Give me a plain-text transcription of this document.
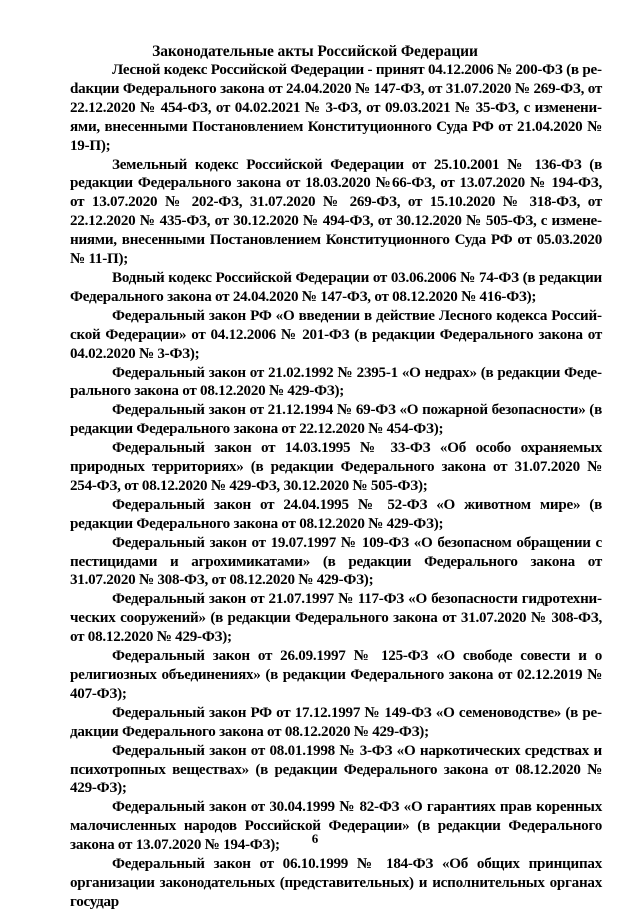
Законодательные акты Российской Федерации

Лесной кодекс Российской Федерации - принят 04.12.2006 № 200-ФЗ (в реdакции Федерального закона от 24.04.2020 № 147-ФЗ, от 31.07.2020 № 269-ФЗ, от 22.12.2020 № 454-ФЗ, от 04.02.2021 № 3-ФЗ, от 09.03.2021 № 35-ФЗ, с изменениями, внесенными Постановлением Конституционного Суда РФ от 21.04.2020 № 19-П);

Земельный кодекс Российской Федерации от 25.10.2001 № 136-ФЗ (в редакции Федерального закона от 18.03.2020 №66-ФЗ, от 13.07.2020 № 194-ФЗ, от 13.07.2020 № 202-ФЗ, 31.07.2020 № 269-ФЗ, от 15.10.2020 № 318-ФЗ, от 22.12.2020 № 435-ФЗ, от 30.12.2020 № 494-ФЗ, от 30.12.2020 № 505-ФЗ, с изменениями, внесенными Постановлением Конституционного Суда РФ от 05.03.2020 № 11-П);

Водный кодекс Российской Федерации от 03.06.2006 № 74-ФЗ (в редакции Федерального закона от 24.04.2020 № 147-ФЗ, от 08.12.2020 № 416-ФЗ);

Федеральный закон РФ «О введении в действие Лесного кодекса Российской Федерации» от 04.12.2006 № 201-ФЗ (в редакции Федерального закона от 04.02.2020 № 3-ФЗ);

Федеральный закон от 21.02.1992 № 2395-1 «О недрах» (в редакции Федерального закона от 08.12.2020 № 429-ФЗ);

Федеральный закон от 21.12.1994 № 69-ФЗ «О пожарной безопасности» (в редакции Федерального закона от 22.12.2020 № 454-ФЗ);

Федеральный закон от 14.03.1995 № 33-ФЗ «Об особо охраняемых природных территориях» (в редакции Федерального закона от 31.07.2020 № 254-ФЗ, от 08.12.2020 № 429-ФЗ, 30.12.2020 № 505-ФЗ);

Федеральный закон от 24.04.1995 № 52-ФЗ «О животном мире» (в редакции Федерального закона от 08.12.2020 № 429-ФЗ);

Федеральный закон от 19.07.1997 № 109-ФЗ «О безопасном обращении с пестицидами и агрохимикатами» (в редакции Федерального закона от 31.07.2020 № 308-ФЗ, от 08.12.2020 № 429-ФЗ);

Федеральный закон от 21.07.1997 № 117-ФЗ «О безопасности гидротехнических сооружений» (в редакции Федерального закона от 31.07.2020 № 308-ФЗ, от 08.12.2020 № 429-ФЗ);

Федеральный закон от 26.09.1997 № 125-ФЗ «О свободе совести и о религиозных объединениях» (в редакции Федерального закона от 02.12.2019 № 407-ФЗ);

Федеральный закон РФ от 17.12.1997 № 149-ФЗ «О семеноводстве» (в редакции Федерального закона от 08.12.2020 № 429-ФЗ);

Федеральный закон от 08.01.1998 № 3-ФЗ «О наркотических средствах и психотропных веществах» (в редакции Федерального закона от 08.12.2020 № 429-ФЗ);

Федеральный закон от 30.04.1999 № 82-ФЗ «О гарантиях прав коренных малочисленных народов Российской Федерации» (в редакции Федерального закона от 13.07.2020 № 194-ФЗ);

Федеральный закон от 06.10.1999 № 184-ФЗ «Об общих принципах организации законодательных (представительных) и исполнительных органах государ

6
